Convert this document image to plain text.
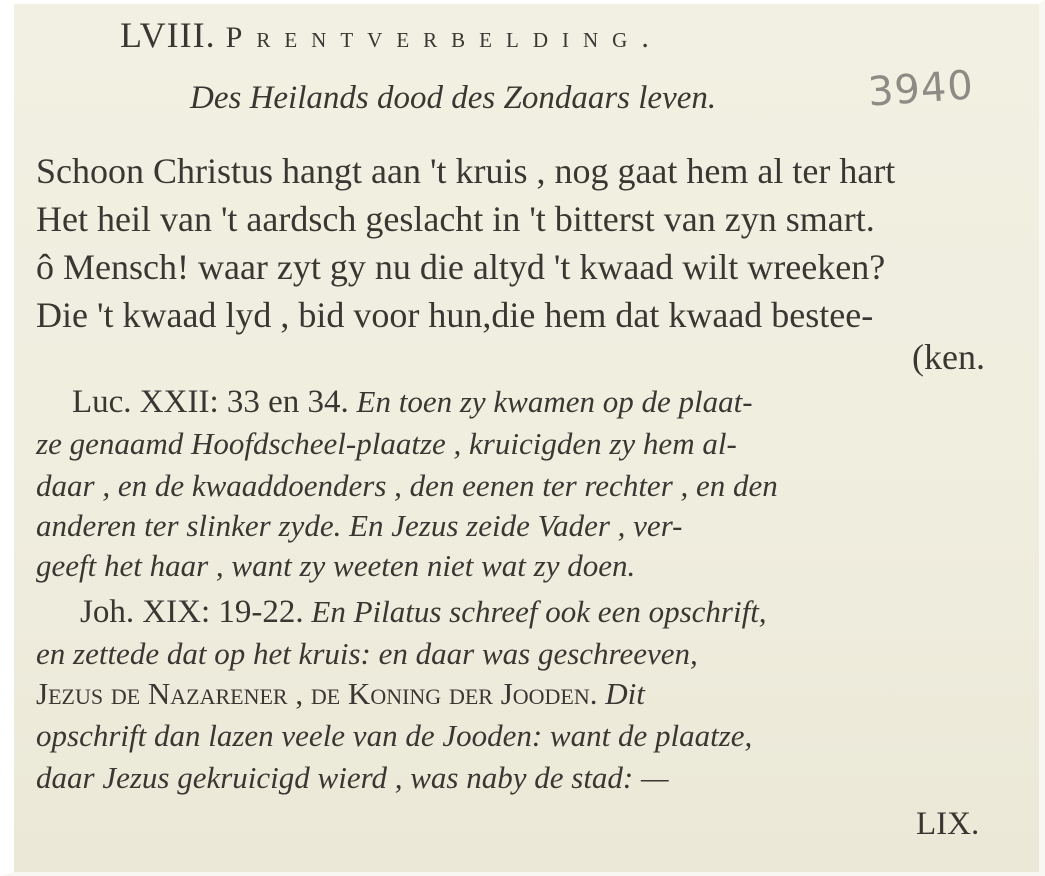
LVIII. Prentverbelding.
Des Heilands dood des Zondaars leven.	3940
Schoon Christus hangt aan 't kruis , nog gaat hem al ter hart
Het heil van 't aardsch geslacht in 't bitterst van zyn smart.
ô Mensch! waar zyt gy nu die altyd 't kwaad wilt wreeken?
Die 't kwaad lyd , bid voor hun,die hem dat kwaad bestee-
(ken.
Luc. XXII: 33 en 34. En toen zy kwamen op de plaat-
ze genaamd Hoofdscheel-plaatze , kruicigden zy hem al-
daar , en de kwaaddoenders , den eenen ter rechter , en den
anderen ter slinker zyde. En Jezus zeide Vader , ver-
geeft het haar , want zy weeten niet wat zy doen.
Joh. XIX: 19-22. En Pilatus schreef ook een opschrift,
en zettede dat op het kruis: en daar was geschreeven,
Jezus de Nazarener , de Koning der Jooden. Dit
opschrift dan lazen veele van de Jooden: want de plaatze,
daar Jezus gekruicigd wierd , was naby de stad: —
LIX.
